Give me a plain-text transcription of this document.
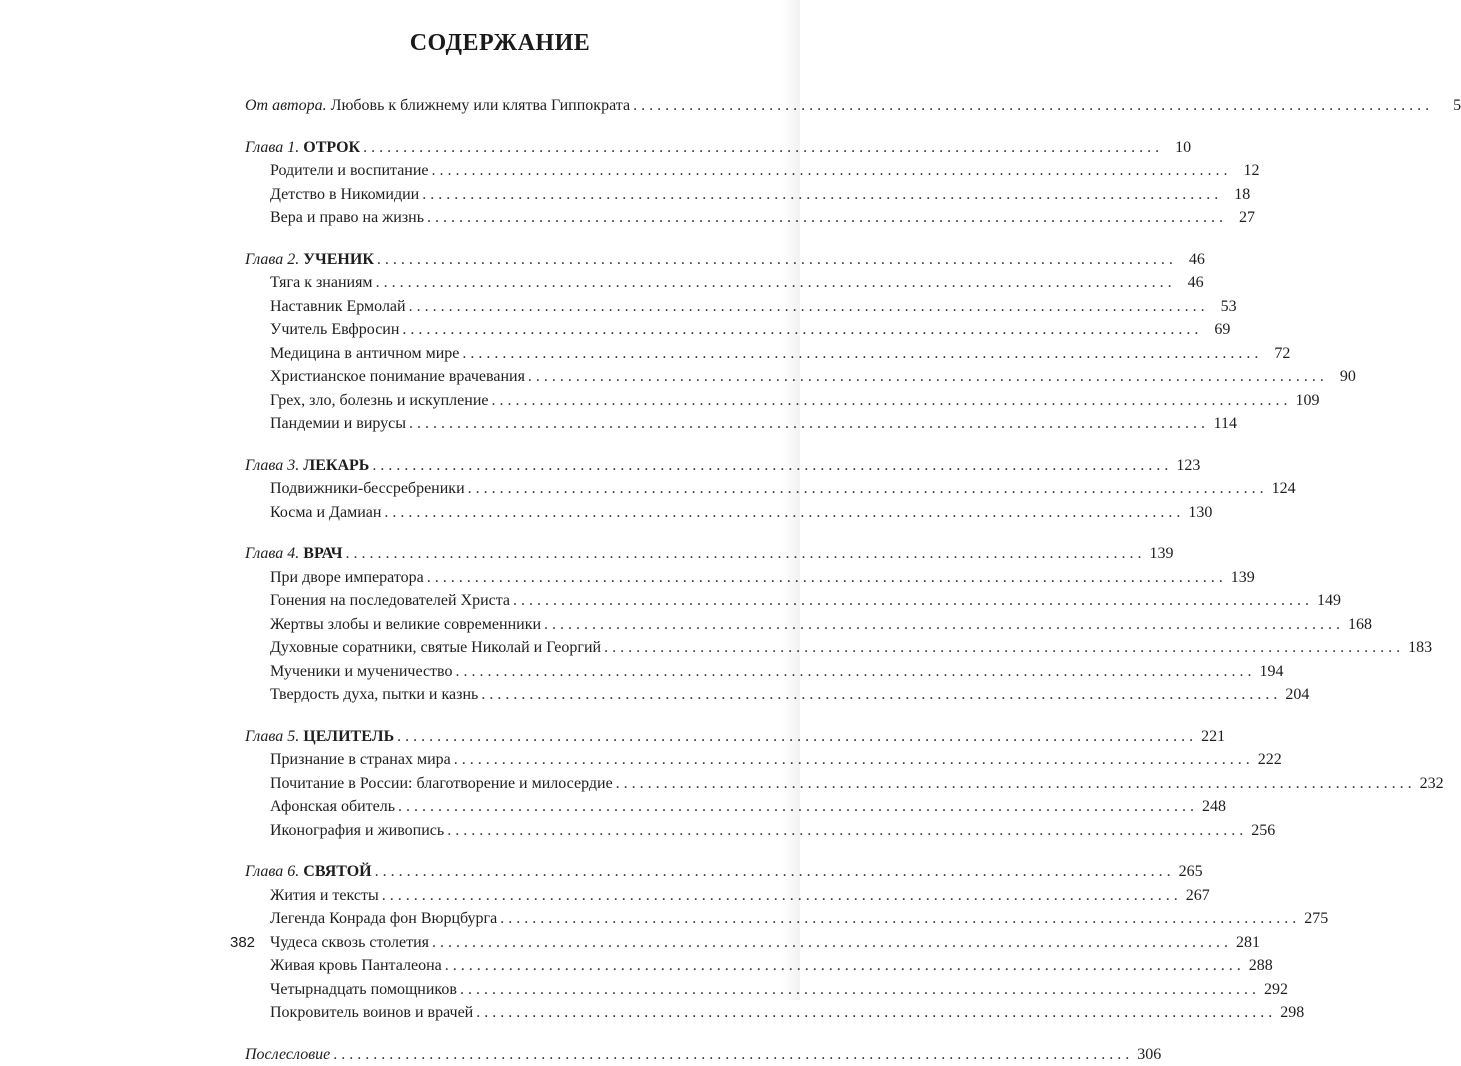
СОДЕРЖАНИЕ
От автора. Любовь к ближнему или клятва Гиппократа . . .	5
Глава 1. ОТРОК . . .	10
Родители и воспитание . . .	12
Детство в Никомидии . . .	18
Вера и право на жизнь . . .	27
Глава 2. УЧЕНИК . . .	46
Тяга к знаниям . . .	46
Наставник Ермолай . . .	53
Учитель Евфросин . . .	69
Медицина в античном мире . . .	72
Христианское понимание врачевания . . .	90
Грех, зло, болезнь и искупление . . .	109
Пандемии и вирусы . . .	114
Глава 3. ЛЕКАРЬ . . .	123
Подвижники-бессребреники . . .	124
Косма и Дамиан . . .	130
Глава 4. ВРАЧ . . .	139
При дворе императора . . .	139
Гонения на последователей Христа . . .	149
Жертвы злобы и великие современники . . .	168
Духовные соратники, святые Николай и Георгий . . .	183
Мученики и мученичество . . .	194
Твердость духа, пытки и казнь . . .	204
Глава 5. ЦЕЛИТЕЛЬ . . .	221
Признание в странах мира . . .	222
Почитание в России: благотворение и милосердие . . .	232
Афонская обитель . . .	248
Иконография и живопись . . .	256
Глава 6. СВЯТОЙ . . .	265
Жития и тексты . . .	267
Легенда Конрада фон Вюрцбурга . . .	275
Чудеса сквозь столетия . . .	281
Живая кровь Панталеона . . .	288
Четырнадцать помощников . . .	292
Покровитель воинов и врачей . . .	298
Послесловие . . .	306
382
